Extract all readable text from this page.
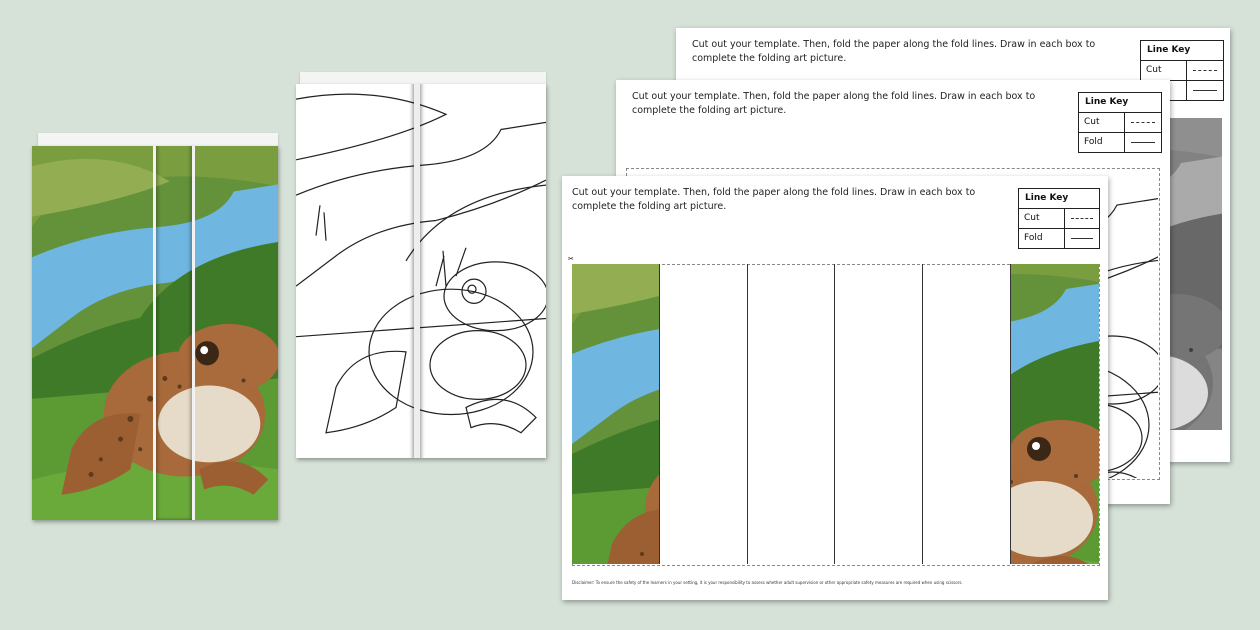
Cut out your template. Then, fold the paper along the fold lines. Draw in each box to complete the folding art picture.
Line Key
Cut
Cut out your template. Then, fold the paper along the fold lines. Draw in each box to complete the folding art picture.
Line Key
Cut
Fold
Cut out your template. Then, fold the paper along the fold lines. Draw in each box to complete the folding art picture.
Line Key
Cut
Fold
✂
Disclaimer: To ensure the safety of the learners in your setting, it is your responsibility to assess whether adult supervision or other appropriate safety measures are required when using scissors.
